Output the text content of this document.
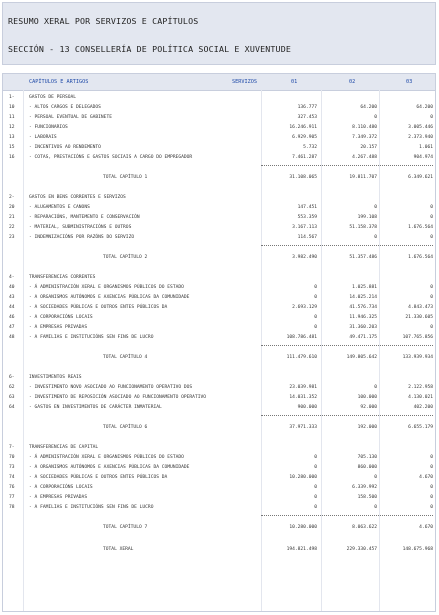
RESUMO XERAL POR SERVIZOS E CAPÍTULOS
SECCIÓN - 13 CONSELLERÍA DE POLÍTICA SOCIAL E XUVENTUDE
CAPÍTULOS E ARTIGOS	SERVIZOS	01	02	03
1-	GASTOS DE PERSOAL
10	- ALTOS CARGOS E DELEGADOS	136.777	64.200	64.200
11	- PERSOAL EVENTUAL DE GABINETE	327.453	0	0
12	- FUNCIONARIOS	16.246.911	8.110.480	3.005.446
13	- LABORAIS	6.929.905	7.349.372	2.373.940
15	- INCENTIVOS AO RENDEMENTO	5.732	20.157	1.061
16	- COTAS, PRESTACIÓNS E GASTOS SOCIAIS A CARGO DO EMPREGADOR	7.461.287	4.267.488	904.974
TOTAL CAPÍTULO 1	31.108.065	19.811.707	6.349.621
2-	GASTOS EN BENS CORRENTES E SERVIZOS
20	- ALUGAMENTOS E CANONS	147.451	0	0
21	- REPARACIÓNS, MANTEMENTO E CONSERVACIÓN	553.359	199.108	0
22	- MATERIAL, SUBMINISTRACIÓNS E OUTROS	3.167.113	51.158.378	1.676.564
23	- INDEMNIZACIÓNS POR RAZÓNS DO SERVIZO	114.567	0	0
TOTAL CAPÍTULO 2	3.982.490	51.357.486	1.676.564
4-	TRANSFERENCIAS CORRENTES
40	- Á ADMINISTRACIÓN XERAL E ORGANISMOS PÚBLICOS DO ESTADO	0	1.025.881	0
43	- A ORGANISMOS AUTÓNOMOS E AXENCIAS PÚBLICAS DA COMUNIDADE	0	14.025.214	0
44	- A SOCIEDADES PÚBLICAS E OUTROS ENTES PÚBLICOS DA	2.693.129	41.576.734	4.843.473
46	- A CORPORACIÓNS LOCAIS	0	11.946.325	21.330.605
47	- A EMPRESAS PRIVADAS	0	31.360.203	0
48	- A FAMILIAS E INSTITUCIÓNS SEN FINS DE LUCRO	108.786.481	49.471.175	107.765.856
TOTAL CAPÍTULO 4	111.479.610	149.805.642	133.939.934
6-	INVESTIMENTOS REAIS
62	- INVESTIMENTO NOVO ASOCIADO AO FUNCIONAMENTO OPERATIVO DOS	23.039.981	0	2.122.958
63	- INVESTIMENTO DE REPOSICIÓN ASOCIADO AO FUNCIONAMENTO OPERATIVO	14.031.352	100.000	4.130.021
64	- GASTOS EN INVESTIMENTOS DE CARÁCTER INMATERIAL	900.000	92.000	402.200
TOTAL CAPÍTULO 6	37.971.333	192.000	6.655.179
7-	TRANSFERENCIAS DE CAPITAL
70	- Á ADMINISTRACIÓN XERAL E ORGANISMOS PÚBLICOS DO ESTADO	0	705.130	0
73	- A ORGANISMOS AUTÓNOMOS E AXENCIAS PÚBLICAS DA COMUNIDADE	0	860.000	0
74	- A SOCIEDADES PÚBLICAS E OUTROS ENTES PÚBLICOS DA	10.280.000	0	4.670
76	- A CORPORACIÓNS LOCAIS	0	6.339.992	0
77	- A EMPRESAS PRIVADAS	0	158.500	0
78	- A FAMILIAS E INSTITUCIÓNS SEN FINS DE LUCRO	0	0	0
TOTAL CAPÍTULO 7	10.280.000	8.063.622	4.670
TOTAL XERAL	194.821.498	229.330.457	148.675.968
